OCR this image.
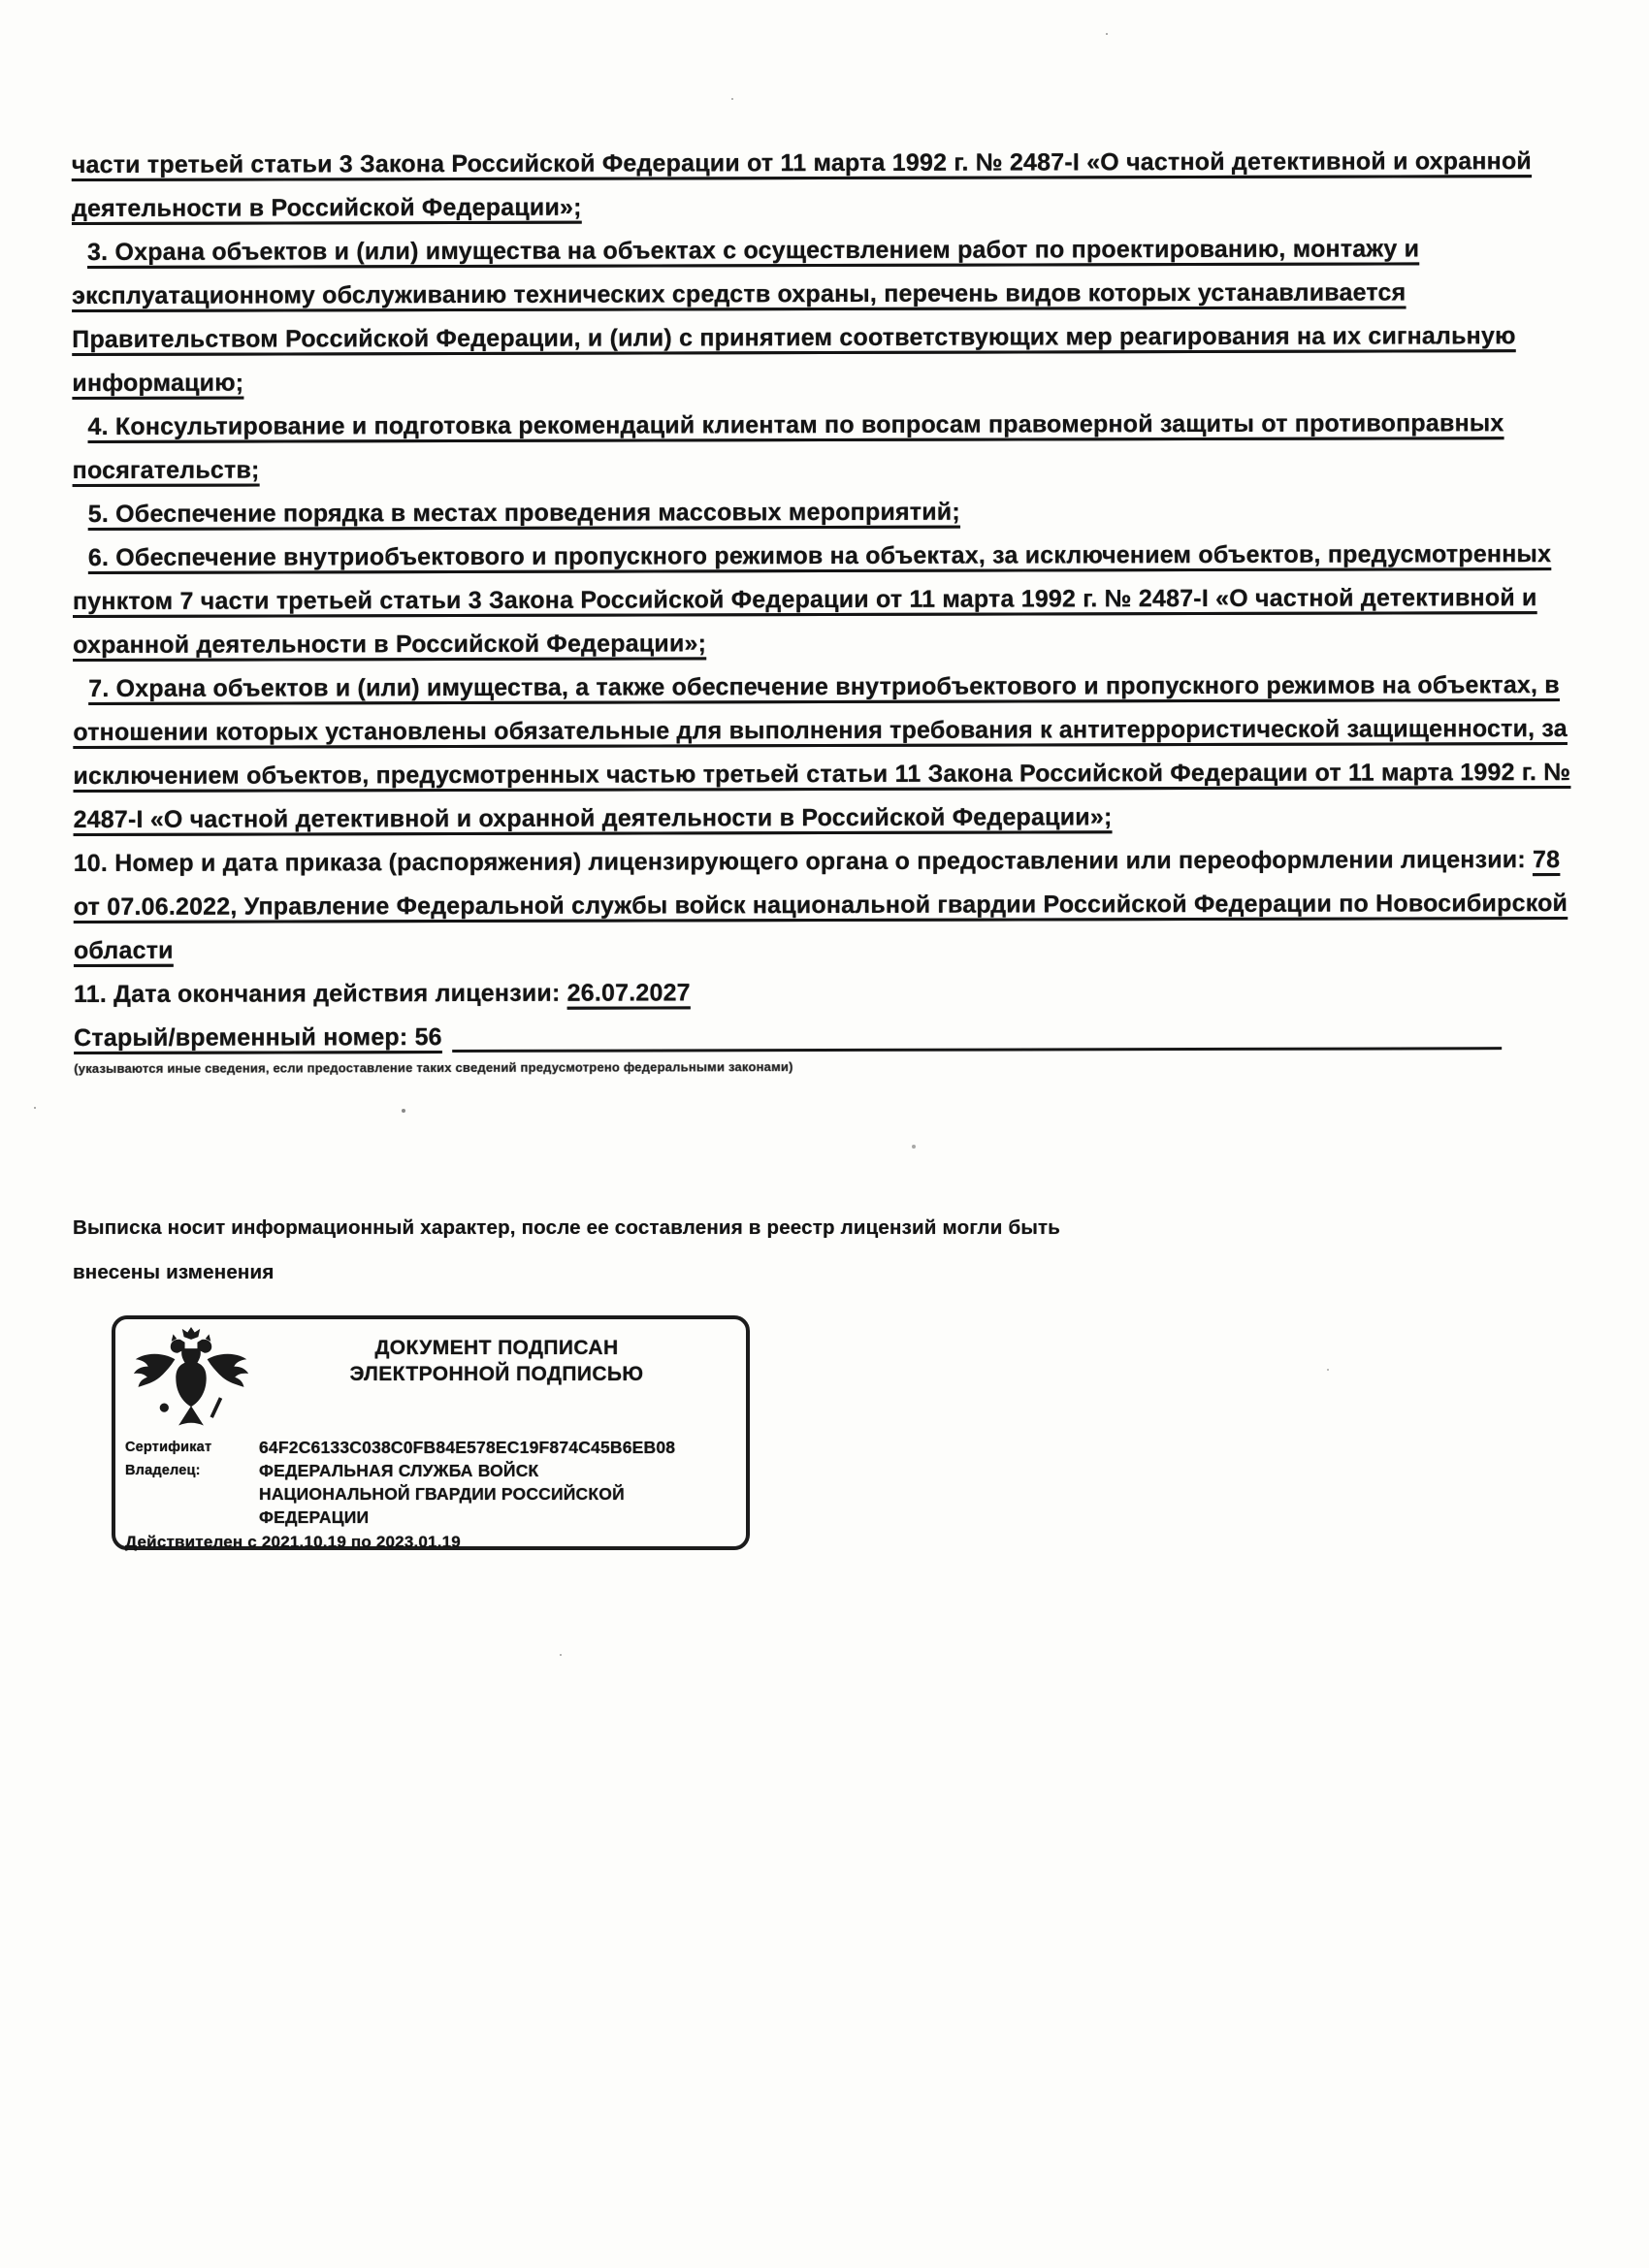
части третьей статьи 3 Закона Российской Федерации от 11 марта 1992 г. № 2487-I «О частной детективной и охранной деятельности в Российской Федерации»;

3. Охрана объектов и (или) имущества на объектах с осуществлением работ по проектированию, монтажу и эксплуатационному обслуживанию технических средств охраны, перечень видов которых устанавливается Правительством Российской Федерации, и (или) с принятием соответствующих мер реагирования на их сигнальную информацию;

4. Консультирование и подготовка рекомендаций клиентам по вопросам правомерной защиты от противоправных посягательств;

5. Обеспечение порядка в местах проведения массовых мероприятий;

6. Обеспечение внутриобъектового и пропускного режимов на объектах, за исключением объектов, предусмотренных пунктом 7 части третьей статьи 3 Закона Российской Федерации от 11 марта 1992 г. № 2487-I «О частной детективной и охранной деятельности в Российской Федерации»;

7. Охрана объектов и (или) имущества, а также обеспечение внутриобъектового и пропускного режимов на объектах, в отношении которых установлены обязательные для выполнения требования к антитеррористической защищенности, за исключением объектов, предусмотренных частью третьей статьи 11 Закона Российской Федерации от 11 марта 1992 г. № 2487-I «О частной детективной и охранной деятельности в Российской Федерации»;

10. Номер и дата приказа (распоряжения) лицензирующего органа о предоставлении или переоформлении лицензии: 78 от 07.06.2022, Управление Федеральной службы войск национальной гвардии Российской Федерации по Новосибирской области

11. Дата окончания действия лицензии: 26.07.2027

Старый/временный номер: 56

(указываются иные сведения, если предоставление таких сведений предусмотрено федеральными законами)

Выписка носит информационный характер, после ее составления в реестр лицензий могли быть внесены изменения

ДОКУМЕНТ ПОДПИСАН
ЭЛЕКТРОННОЙ ПОДПИСЬЮ
Сертификат	64F2C6133C038C0FB84E578EC19F874C45B6EB08
Владелец:	ФЕДЕРАЛЬНАЯ СЛУЖБА ВОЙСК НАЦИОНАЛЬНОЙ ГВАРДИИ РОССИЙСКОЙ ФЕДЕРАЦИИ
Действителен с 2021.10.19 по 2023.01.19
